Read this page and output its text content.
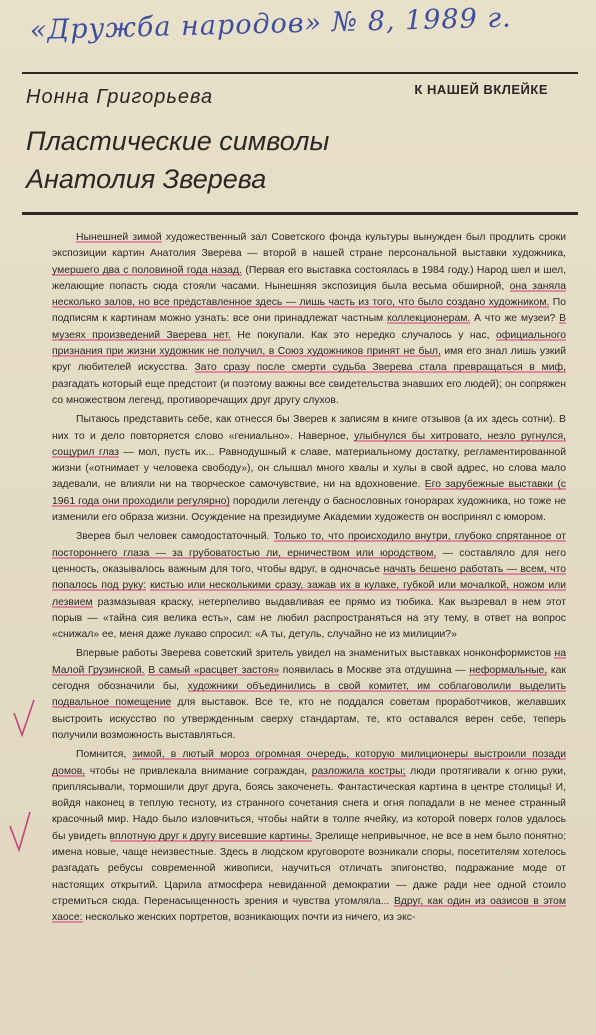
«Дружба народов» № 8, 1989 г.
Нонна Григорьева	К НАШЕЙ ВКЛЕЙКЕ
Пластические символы
Анатолия Зверева

Нынешней зимой художественный зал Советского фонда культуры вынужден был продлить сроки экспозиции картин Анатолия Зверева — второй в нашей стране персональной выставки художника, умершего два с половиной года назад. (Первая его выставка состоялась в 1984 году.) Народ шел и шел, желающие попасть сюда стояли часами. Нынешняя экспозиция была весьма обширной, она заняла несколько залов, но все представленное здесь — лишь часть из того, что было создано художником. По подписям к картинам можно узнать: все они принадлежат частным коллекционерам. А что же музеи? В музеях произведений Зверева нет. Не покупали. Как это нередко случалось у нас, официального признания при жизни художник не получил, в Союз художников принят не был, имя его знал лишь узкий круг любителей искусства. Зато сразу после смерти судьба Зверева стала превращаться в миф, разгадать который еще предстоит (и поэтому важны все свидетельства знавших его людей); он сопряжен со множеством легенд, противоречащих друг другу слухов.

Пытаюсь представить себе, как отнесся бы Зверев к записям в книге отзывов (а их здесь сотни). В них то и дело повторяется слово «гениально». Наверное, улыбнулся бы хитровато, незло ругнулся, сощурил глаз — мол, пусть их... Равнодушный к славе, материальному достатку, регламентированной жизни («отнимает у человека свободу»), он слышал много хвалы и хулы в свой адрес, но слова мало задевали, не влияли ни на творческое самочувствие, ни на вдохновение. Его зарубежные выставки (с 1961 года они проходили регулярно) породили легенду о баснословных гонорарах художника, но тоже не изменили его образа жизни. Осуждение на президиуме Академии художеств он воспринял с юмором.

Зверев был человек самодостаточный. Только то, что происходило внутри, глубоко спрятанное от постороннего глаза — за грубоватостью ли, ерничеством или юродством, — составляло для него ценность, оказывалось важным для того, чтобы вдруг, в одночасье начать бешено работать — всем, что попалось под руку: кистью или несколькими сразу, зажав их в кулаке, губкой или мочалкой, ножом или лезвием размазывая краску, нетерпеливо выдавливая ее прямо из тюбика. Как вызревал в нем этот порыв — «тайна сия велика есть», сам не любил распространяться на эту тему, в ответ на вопрос «снижал» ее, меня даже лукаво спросил: «А ты, детуль, случайно не из милиции?»

Впервые работы Зверева советский зритель увидел на знаменитых выставках нонконформистов на Малой Грузинской. В самый «расцвет застоя» появилась в Москве эта отдушина — неформальные, как сегодня обозначили бы, художники объединились в свой комитет, им соблаговолили выделить подвальное помещение для выставок. Все те, кто не поддался советам проработчиков, желавших выстроить искусство по утвержденным сверху стандартам, те, кто оставался верен себе, теперь получили возможность выставляться.

Помнится, зимой, в лютый мороз огромная очередь, которую милиционеры выстроили позади домов, чтобы не привлекала внимание сограждан, разложила костры; люди протягивали к огню руки, приплясывали, тормошили друг друга, боясь закоченеть. Фантастическая картина в центре столицы! И, войдя наконец в теплую тесноту, из странного сочетания снега и огня попадали в не менее странный красочный мир. Надо было изловчиться, чтобы найти в толпе ячейку, из которой поверх голов удалось бы увидеть вплотную друг к другу висевшие картины. Зрелище непривычное, не все в нем было понятно; имена новые, чаще неизвестные. Здесь в людском круговороте возникали споры, посетителям хотелось разгадать ребусы современной живописи, научиться отличать эпигонство, подражание моде от настоящих открытий. Царила атмосфера невиданной демократии — даже ради нее одной стоило стремиться сюда. Перенасыщенность зрения и чувства утомляла... Вдруг, как один из оазисов в этом хаосе: несколько женских портретов, возникающих почти из ничего, из экс-
